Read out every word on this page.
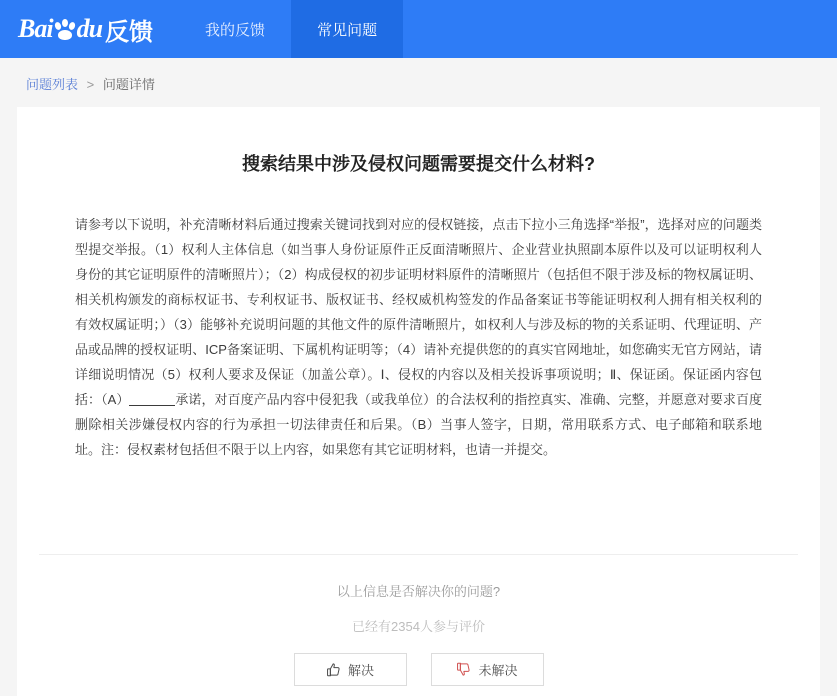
Bai du 反馈	我的反馈	常见问题
问题列表 > 问题详情
搜索结果中涉及侵权问题需要提交什么材料?
请参考以下说明，补充清晰材料后通过搜索关键词找到对应的侵权链接，点击下拉小三角选择“举报”，选择对应的问题类型提交举报。（1）权利人主体信息（如当事人身份证原件正反面清晰照片、企业营业执照副本原件以及可以证明权利人身份的其它证明原件的清晰照片）；（2）构成侵权的初步证明材料原件的清晰照片（包括但不限于涉及标的物权属证明、相关机构颁发的商标权证书、专利权证书、版权证书、经权威机构签发的作品备案证书等能证明权利人拥有相关权利的有效权属证明；）（3）能够补充说明问题的其他文件的原件清晰照片，如权利人与涉及标的物的关系证明、代理证明、产品或品牌的授权证明、ICP备案证明、下属机构证明等；（4）请补充提供您的的真实官网地址，如您确实无官方网站，请详细说明情况（5）权利人要求及保证（加盖公章）。Ⅰ、侵权的内容以及相关投诉事项说明；Ⅱ、保证函。保证函内容包括：（A）	承诺，对百度产品内容中侵犯我（或我单位）的合法权利的指控真实、准确、完整，并愿意对要求百度删除相关涉嫌侵权内容的行为承担一切法律责任和后果。（B）当事人签字，日期，常用联系方式、电子邮箱和联系地址。注：侵权素材包括但不限于以上内容，如果您有其它证明材料，也请一并提交。
以上信息是否解决你的问题?
已经有2354人参与评价
解决	未解决
